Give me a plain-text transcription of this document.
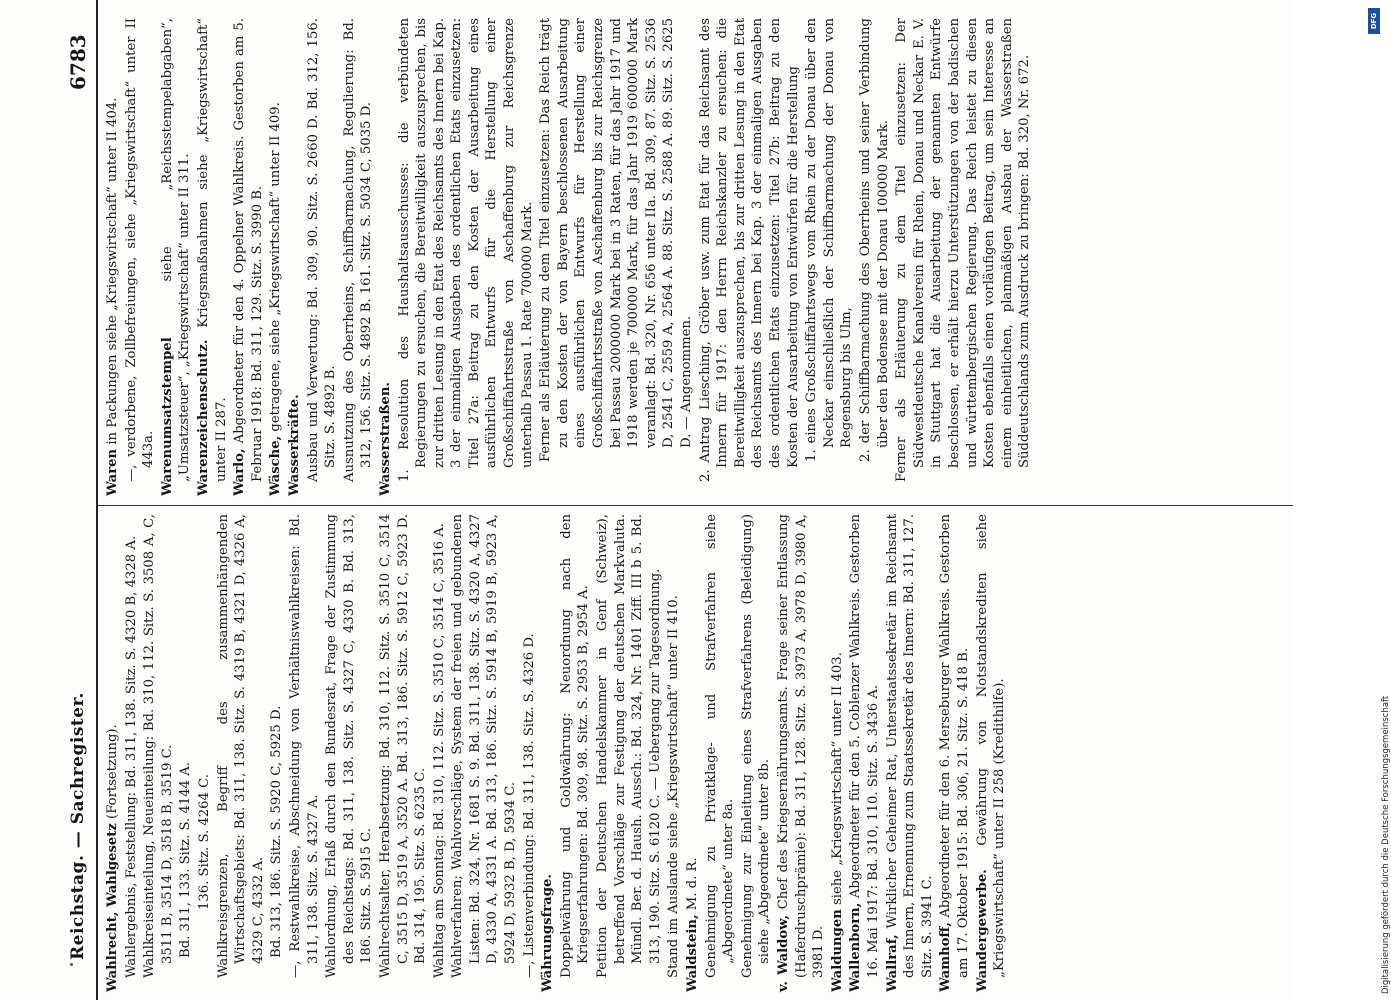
Reichstag. — Sachregister.
6783

Wahlrecht, Wahlgesetz (Fortsetzung). Wahlergebnis, Feststellung: Bd. 311, 138. Sitz. S. 4320 B, 4328 A. Wahlkreiseinteilung, Neueinteilung: Bd. 310, 112. Sitz. S. 3508 A, C, 3511 B, 3514 D, 3518 B, 3519 C. Bd. 311, 133. Sitz. S. 4144 A. 136. Sitz. S. 4264 C. Wahlkreisgrenzen, Begriff des zusammenhängenden Wirtschaftsgebiets: Bd. 311, 138. Sitz. S. 4319 B, 4321 D, 4326 A, 4329 C, 4332 A. Bd. 313, 186. Sitz. S. 5920 C, 5925 D. —, Restwahlkreise, Abschneidung von Verhältniswahlkreisen: Bd. 311, 138. Sitz. S. 4327 A. Wahlordnung, Erlaß durch den Bundesrat, Frage der Zustimmung des Reichstags: Bd. 311, 138. Sitz. S. 4327 C, 4330 B. Bd. 313, 186. Sitz. S. 5915 C. Wahlrechtsalter, Herabsetzung: Bd. 310, 112. Sitz. S. 3510 C, 3514 C, 3515 D, 3519 A, 3520 A. Bd. 313, 186. Sitz. S. 5912 C, 5923 D. Bd. 314, 195. Sitz. S. 6235 C. Wahltag am Sonntag: Bd. 310, 112. Sitz. S. 3510 C, 3514 C, 3516 A. Wahlverfahren; Wahlvorschläge, System der freien und gebundenen Listen: Bd. 324, Nr. 1681 S. 9. Bd. 311, 138. Sitz. S. 4320 A, 4327 D, 4330 A, 4331 A. Bd. 313, 186. Sitz. S. 5914 B, 5919 B, 5923 A, 5924 D, 5932 B, D, 5934 C. —, Listenverbindung: Bd. 311, 138. Sitz. S. 4326 D. Währungsfrage. Doppelwährung und Goldwährung: Neuordnung nach den Kriegserfahrungen: Bd. 309, 98. Sitz. S. 2953 B, 2954 A. Petition der Deutschen Handelskammer in Genf (Schweiz), betreffend Vorschläge zur Festigung der deutschen Markvaluta. Mündl. Ber. d. Haush. Aussch.: Bd. 324, Nr. 1401 Ziff. III b 5. Bd. 313, 190. Sitz. S. 6120 C. — Uebergang zur Tagesordnung. Stand im Auslande siehe „Kriegswirtschaft“ unter II 410. Waldstein, M. d. R. Genehmigung zu Privatklage- und Strafverfahren siehe „Abgeordnete“ unter 8a. Genehmigung zur Einleitung eines Strafverfahrens (Beleidigung) siehe „Abgeordnete“ unter 8b. v. Waldow, Chef des Kriegsernährungsamts. Frage seiner Entlassung (Haferdruschprämie): Bd. 311, 128. Sitz. S. 3973 A, 3978 D, 3980 A, 3981 D. Waldungen siehe „Kriegswirtschaft“ unter II 403.

Wallenborn, Abgeordneter für den 5. Coblenzer Wahlkreis. Gestorben 16. Mai 1917: Bd. 310, 110. Sitz. S. 3436 A. Wallraf, Wirklicher Geheimer Rat, Unterstaatssekretär im Reichsamt des Innern, Ernennung zum Staatssekretär des Innern: Bd. 311, 127. Sitz. S. 3941 C. Wamhoff, Abgeordneter für den 6. Merseburger Wahlkreis. Gestorben am 17. Oktober 1915: Bd. 306, 21. Sitz. S. 418 B. Wandergewerbe. Gewährung von Notstandskrediten siehe „Kriegswirtschaft“ unter II 258 (Kredithilfe).

Waren in Packungen siehe „Kriegswirtschaft“ unter II 404. —, verdorbene, Zollbefreiungen, siehe „Kriegswirtschaft“ unter II 443a. Warenumsatzstempel siehe „Reichsstempelabgaben“, „Umsatzsteuer“, „Kriegswirtschaft“ unter II 311. Warenzeichenschutz. Kriegsmaßnahmen siehe „Kriegswirtschaft“ unter II 287. Warlo, Abgeordneter für den 4. Oppelner Wahlkreis. Gestorben am 5. Februar 1918: Bd. 311, 129. Sitz. S. 3990 B. Wäsche, getragene, siehe „Kriegswirtschaft“ unter II 409.

Wasserkräfte. Ausbau und Verwertung: Bd. 309, 90. Sitz. S. 2660 D. Bd. 312, 156. Sitz. S. 4892 B. Ausnutzung des Oberrheins, Schiffbarmachung, Regulierung: Bd. 312, 156. Sitz. S. 4892 B. 161. Sitz. S. 5034 C, 5035 D. Wasserstraßen. 1. Resolution des Haushaltsausschusses: die verbündeten Regierungen zu ersuchen, die Bereitwilligkeit auszusprechen, bis zur dritten Lesung in den Etat des Reichsamts des Innern bei Kap. 3 der einmaligen Ausgaben des ordentlichen Etats einzusetzen: Titel 27a: Beitrag zu den Kosten der Ausarbeitung eines ausführlichen Entwurfs für die Herstellung einer Großschiffahrtsstraße von Aschaffenburg zur Reichsgrenze unterhalb Passau 1. Rate 700000 Mark. Ferner als Erläuterung zu dem Titel einzusetzen: Das Reich trägt zu den Kosten der von Bayern beschlossenen Ausarbeitung eines ausführlichen Entwurfs für Herstellung einer Großschiffahrtsstraße von Aschaffenburg bis zur Reichsgrenze bei Passau 2000000 Mark bei in 3 Raten, für das Jahr 1917 und 1918 werden je 700000 Mark, für das Jahr 1919 600000 Mark veranlagt: Bd. 320, Nr. 656 unter IIa. Bd. 309, 87. Sitz. S. 2536 D, 2541 C, 2559 A, 2564 A. 88. Sitz. S. 2588 A. 89. Sitz. S. 2625 D. — Angenommen. 2. Antrag Liesching, Gröber usw. zum Etat für das Reichsamt des Innern für 1917: den Herrn Reichskanzler zu ersuchen: die Bereitwilligkeit auszusprechen, bis zur dritten Lesung in den Etat des Reichsamts des Innern bei Kap. 3 der einmaligen Ausgaben des ordentlichen Etats einzusetzen: Titel 27b: Beitrag zu den Kosten der Ausarbeitung von Entwürfen für die Herstellung 1. eines Großschiffahrtswegs vom Rhein zu der Donau über den Neckar einschließlich der Schiffbarmachung der Donau von Regensburg bis Ulm, 2. der Schiffbarmachung des Oberrheins und seiner Verbindung über den Bodensee mit der Donau 100000 Mark. Ferner als Erläuterung zu dem Titel einzusetzen: Der Südwestdeutsche Kanalverein für Rhein, Donau und Neckar E. V. in Stuttgart hat die Ausarbeitung der genannten Entwürfe beschlossen, er erhält hierzu Unterstützungen von der badischen und württembergischen Regierung. Das Reich leistet zu diesen Kosten ebenfalls einen vorläufigen Beitrag, um sein Interesse an einem einheitlichen, planmäßigen Ausbau der Wasserstraßen Süddeutschlands zum Ausdruck zu bringen: Bd. 320, Nr. 672.

DFG
Digitalisierung gefördert durch die Deutsche Forschungsgemeinschaft
